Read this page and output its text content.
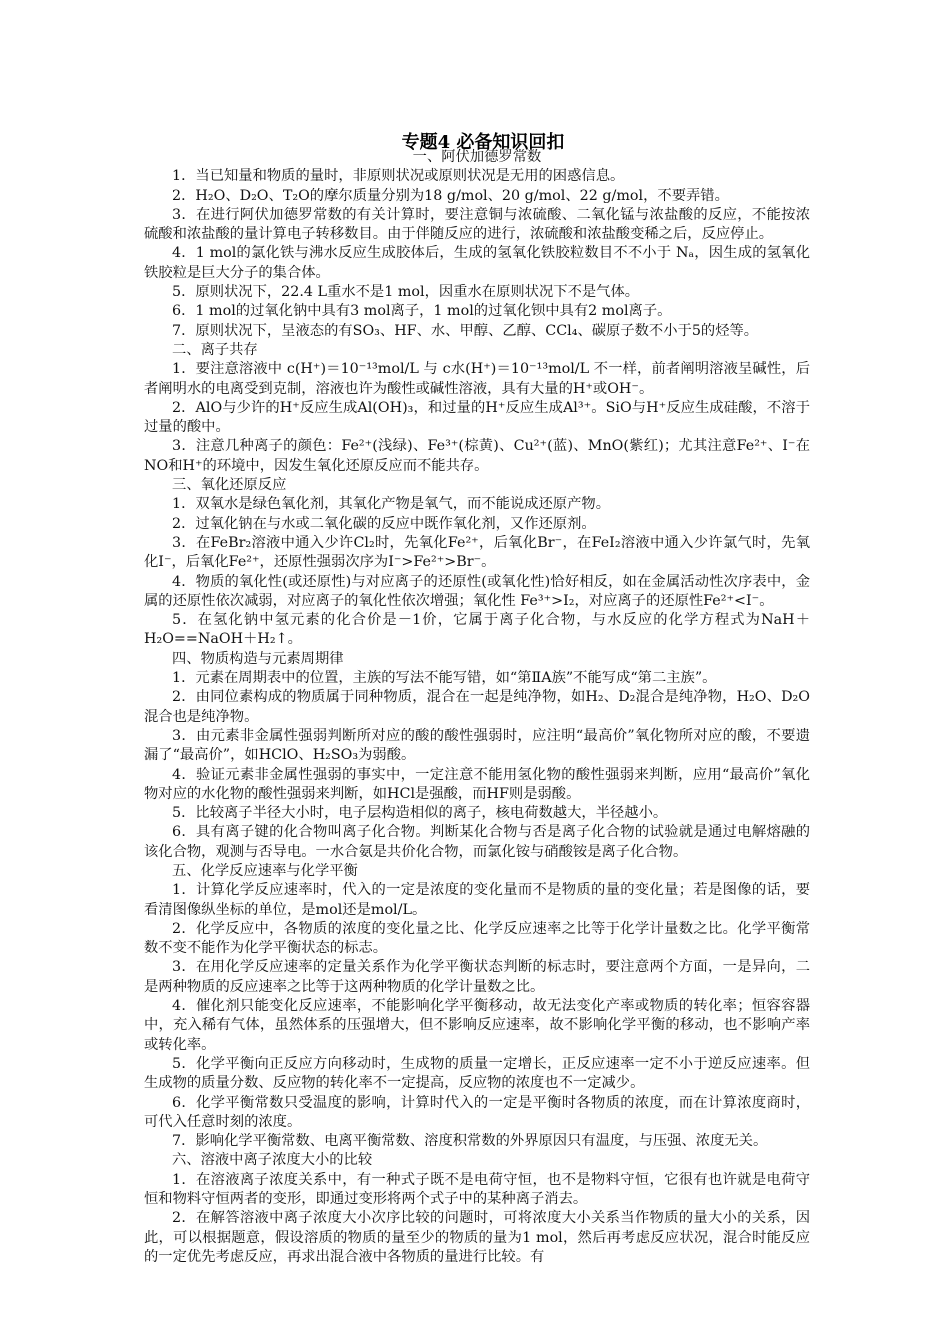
专题4 必备知识回扣
一、阿伏加德罗常数

1．当已知量和物质的量时，非原则状况或原则状况是无用的困惑信息。

2．H₂O、D₂O、T₂O的摩尔质量分别为18 g/mol、20 g/mol、22 g/mol，不要弄错。

3．在进行阿伏加德罗常数的有关计算时，要注意铜与浓硫酸、二氧化锰与浓盐酸的反应，不能按浓硫酸和浓盐酸的量计算电子转移数目。由于伴随反应的进行，浓硫酸和浓盐酸变稀之后，反应停止。

4．1 mol的氯化铁与沸水反应生成胶体后，生成的氢氧化铁胶粒数目不不小于 Nₐ，因生成的氢氧化铁胶粒是巨大分子的集合体。

5．原则状况下，22.4 L重水不是1 mol，因重水在原则状况下不是气体。

6．1 mol的过氧化钠中具有3 mol离子，1 mol的过氧化钡中具有2 mol离子。

7．原则状况下，呈液态的有SO₃、HF、水、甲醇、乙醇、CCl₄、碳原子数不小于5的烃等。

二、离子共存

1．要注意溶液中 c(H⁺)＝10⁻¹³mol/L 与 c水(H⁺)＝10⁻¹³mol/L 不一样，前者阐明溶液呈碱性，后者阐明水的电离受到克制，溶液也许为酸性或碱性溶液，具有大量的H⁺或OH⁻。

2．AlO与少许的H⁺反应生成Al(OH)₃，和过量的H⁺反应生成Al³⁺。SiO与H⁺反应生成硅酸，不溶于过量的酸中。

3．注意几种离子的颜色：Fe²⁺(浅绿)、Fe³⁺(棕黄)、Cu²⁺(蓝)、MnO(紫红)；尤其注意Fe²⁺、I⁻在NO和H⁺的环境中，因发生氧化还原反应而不能共存。

三、氧化还原反应

1．双氧水是绿色氧化剂，其氧化产物是氧气，而不能说成还原产物。

2．过氧化钠在与水或二氧化碳的反应中既作氧化剂，又作还原剂。

3．在FeBr₂溶液中通入少许Cl₂时，先氧化Fe²⁺，后氧化Br⁻，在FeI₂溶液中通入少许氯气时，先氧化I⁻，后氧化Fe²⁺，还原性强弱次序为I⁻>Fe²⁺>Br⁻。

4．物质的氧化性(或还原性)与对应离子的还原性(或氧化性)恰好相反，如在金属活动性次序表中，金属的还原性依次减弱，对应离子的氧化性依次增强；氧化性 Fe³⁺>I₂，对应离子的还原性Fe²⁺<I⁻。

5．在氢化钠中氢元素的化合价是－1价，它属于离子化合物，与水反应的化学方程式为NaH＋H₂O==NaOH＋H₂↑。

四、物质构造与元素周期律

1．元素在周期表中的位置，主族的写法不能写错，如“第ⅡA族”不能写成“第二主族”。

2．由同位素构成的物质属于同种物质，混合在一起是纯净物，如H₂、D₂混合是纯净物，H₂O、D₂O混合也是纯净物。

3．由元素非金属性强弱判断所对应的酸的酸性强弱时，应注明“最高价”氧化物所对应的酸，不要遗漏了“最高价”，如HClO、H₂SO₃为弱酸。

4．验证元素非金属性强弱的事实中，一定注意不能用氢化物的酸性强弱来判断，应用“最高价”氧化物对应的水化物的酸性强弱来判断，如HCl是强酸，而HF则是弱酸。

5．比较离子半径大小时，电子层构造相似的离子，核电荷数越大，半径越小。

6．具有离子键的化合物叫离子化合物。判断某化合物与否是离子化合物的试验就是通过电解熔融的该化合物，观测与否导电。一水合氨是共价化合物，而氯化铵与硝酸铵是离子化合物。

五、化学反应速率与化学平衡

1．计算化学反应速率时，代入的一定是浓度的变化量而不是物质的量的变化量；若是图像的话，要看清图像纵坐标的单位，是mol还是mol/L。

2．化学反应中，各物质的浓度的变化量之比、化学反应速率之比等于化学计量数之比。化学平衡常数不变不能作为化学平衡状态的标志。

3．在用化学反应速率的定量关系作为化学平衡状态判断的标志时，要注意两个方面，一是异向，二是两种物质的反应速率之比等于这两种物质的化学计量数之比。

4．催化剂只能变化反应速率，不能影响化学平衡移动，故无法变化产率或物质的转化率；恒容容器中，充入稀有气体，虽然体系的压强增大，但不影响反应速率，故不影响化学平衡的移动，也不影响产率或转化率。

5．化学平衡向正反应方向移动时，生成物的质量一定增长，正反应速率一定不小于逆反应速率。但生成物的质量分数、反应物的转化率不一定提高，反应物的浓度也不一定减少。

6．化学平衡常数只受温度的影响，计算时代入的一定是平衡时各物质的浓度，而在计算浓度商时，可代入任意时刻的浓度。

7．影响化学平衡常数、电离平衡常数、溶度积常数的外界原因只有温度，与压强、浓度无关。

六、溶液中离子浓度大小的比较

1．在溶液离子浓度关系中，有一种式子既不是电荷守恒，也不是物料守恒，它很有也许就是电荷守恒和物料守恒两者的变形，即通过变形将两个式子中的某种离子消去。

2．在解答溶液中离子浓度大小次序比较的问题时，可将浓度大小关系当作物质的量大小的关系，因此，可以根据题意，假设溶质的物质的量至少的物质的量为1 mol，然后再考虑反应状况，混合时能反应的一定优先考虑反应，再求出混合液中各物质的量进行比较。有
